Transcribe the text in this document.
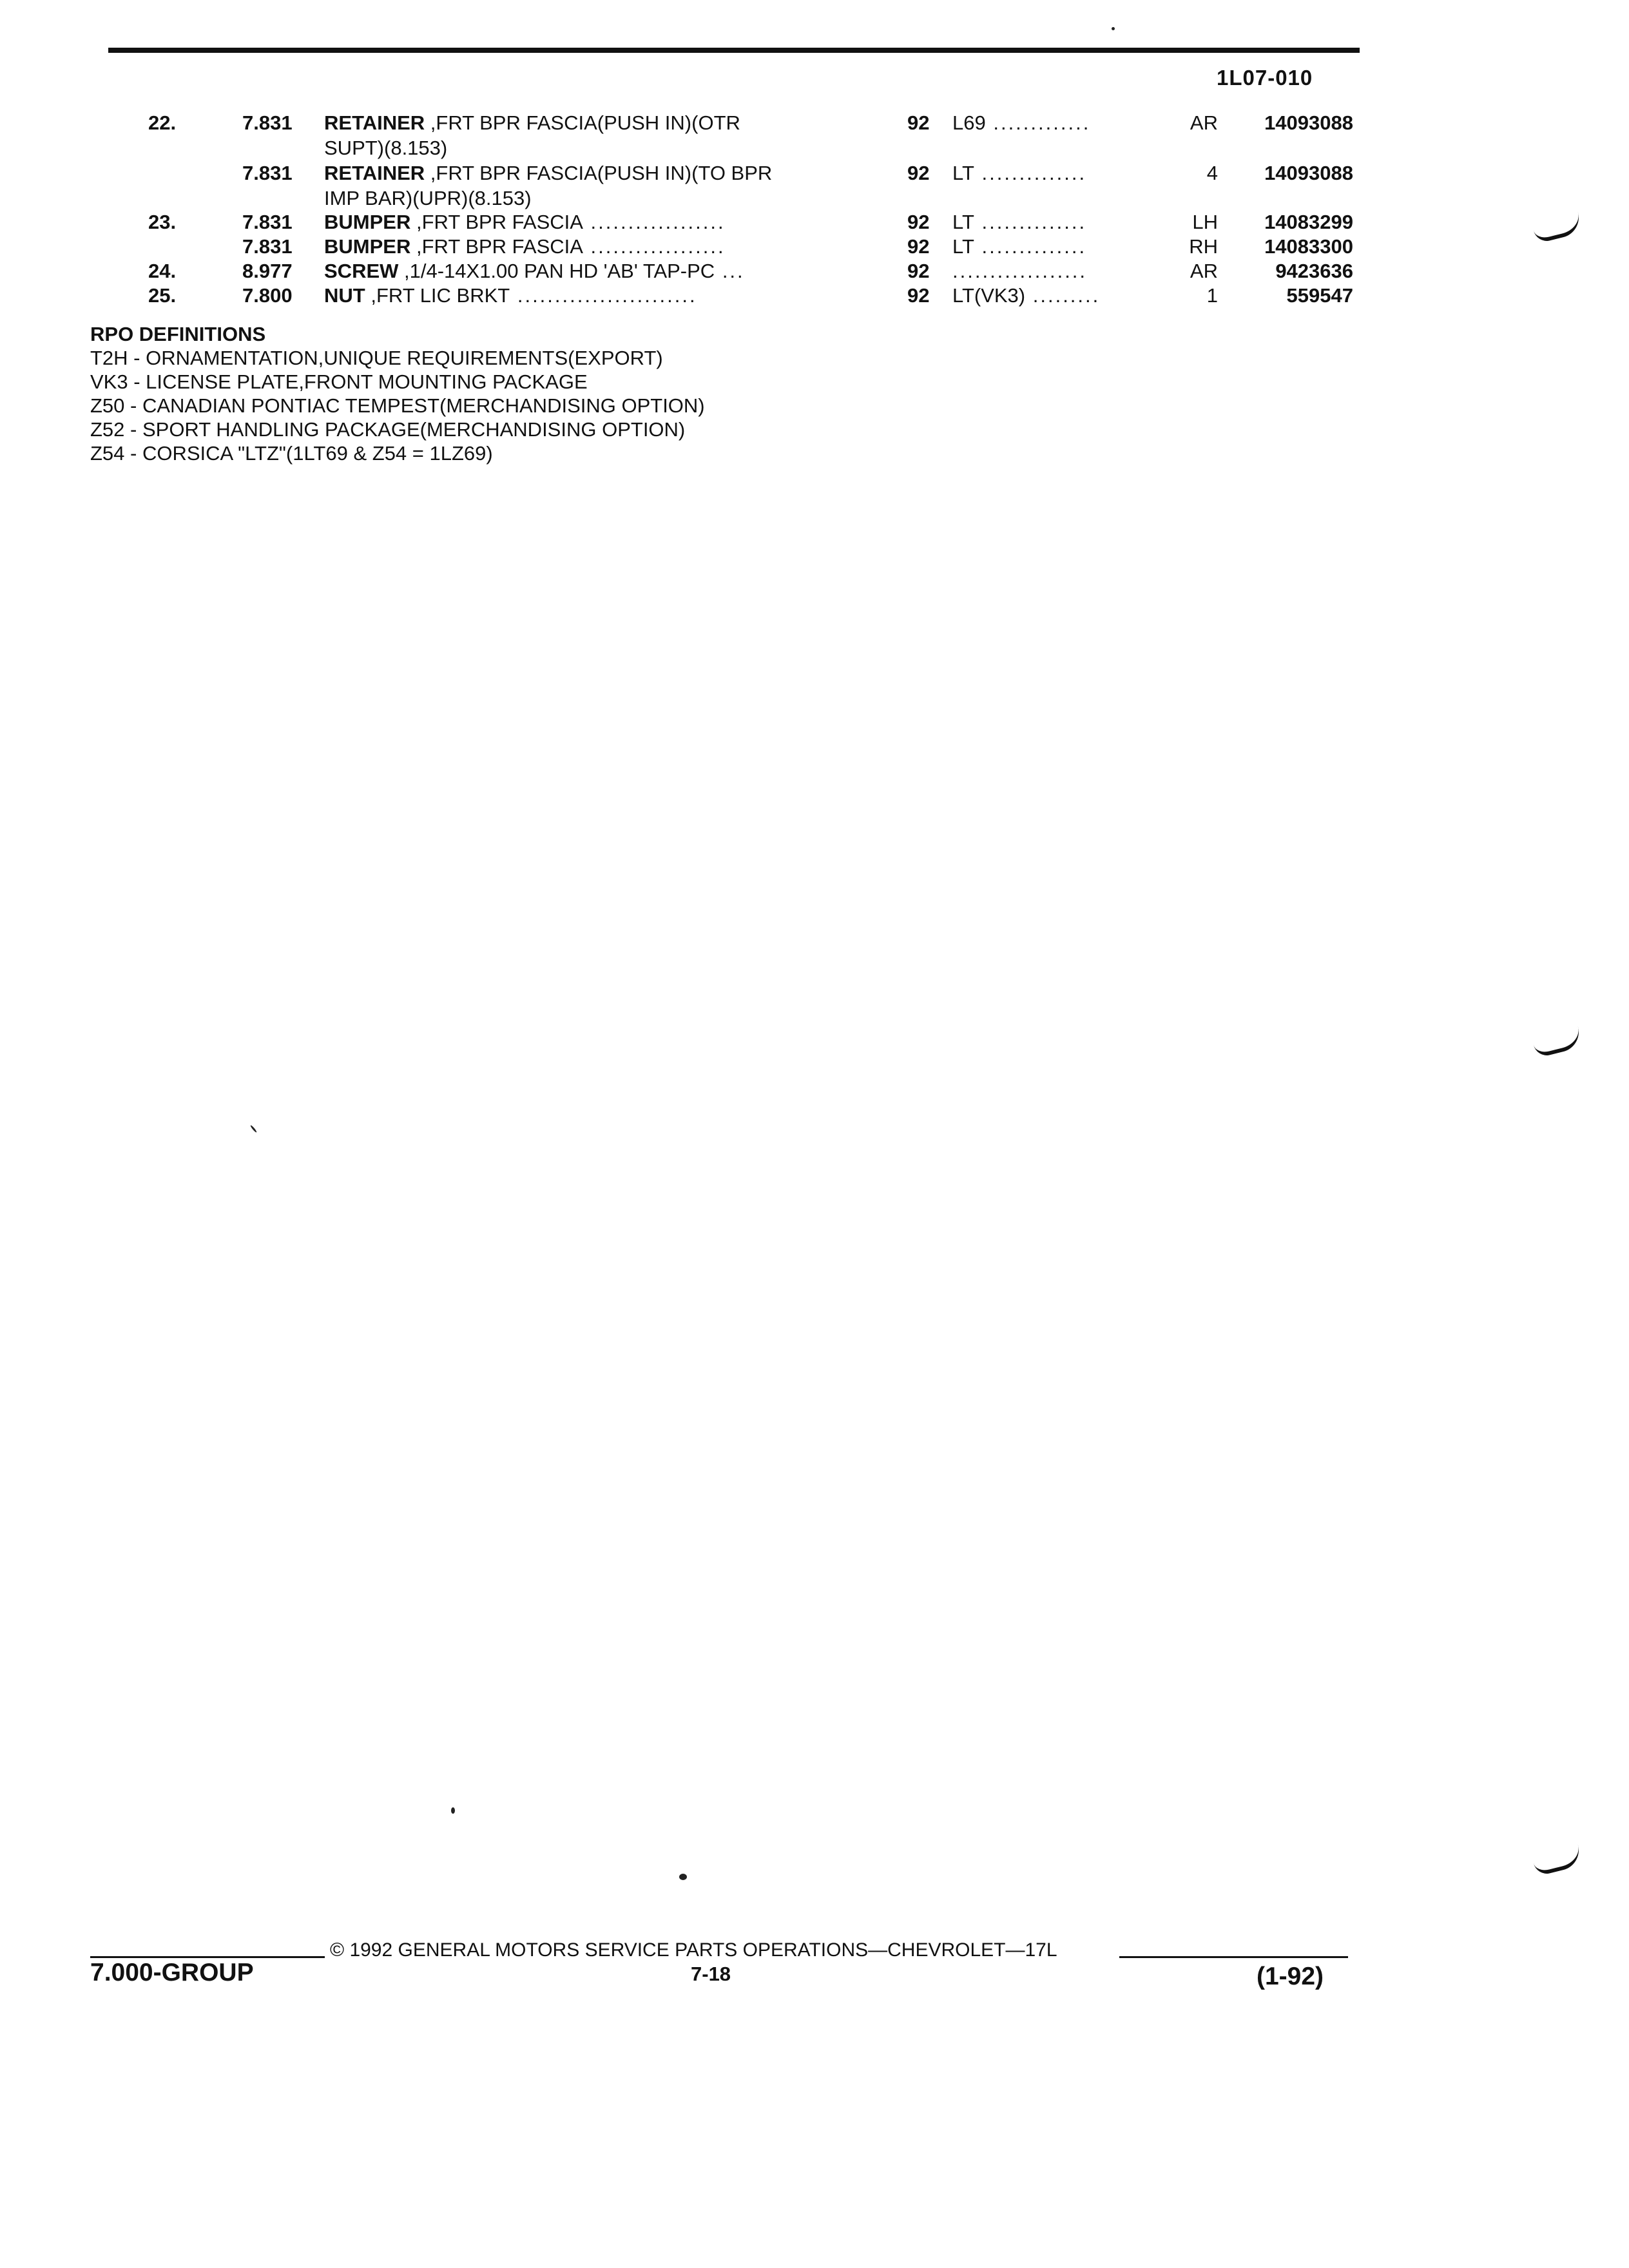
1L07-010
22.	7.831 RETAINER ,FRT BPR FASCIA(PUSH IN)(OTR	92 L69 .............	AR	14093088
SUPT)(8.153)
7.831 RETAINER ,FRT BPR FASCIA(PUSH IN)(TO BPR	92 LT ..............	4	14093088
IMP BAR)(UPR)(8.153)
23.	7.831 BUMPER ,FRT BPR FASCIA ..................	92 LT ..............	LH	14083299
7.831 BUMPER ,FRT BPR FASCIA ..................	92 LT ..............	RH	14083300
24.	8.977 SCREW ,1/4-14X1.00 PAN HD 'AB' TAP-PC ...	92 ..................	AR	9423636
25.	7.800 NUT ,FRT LIC BRKT ........................	92 LT(VK3) .........	1	559547
RPO DEFINITIONS
T2H - ORNAMENTATION,UNIQUE REQUIREMENTS(EXPORT)
VK3 - LICENSE PLATE,FRONT MOUNTING PACKAGE
Z50 - CANADIAN PONTIAC TEMPEST(MERCHANDISING OPTION)
Z52 - SPORT HANDLING PACKAGE(MERCHANDISING OPTION)
Z54 - CORSICA "LTZ"(1LT69 & Z54 = 1LZ69)
© 1992 GENERAL MOTORS SERVICE PARTS OPERATIONS—CHEVROLET—17L
7.000-GROUP	7-18	(1-92)
